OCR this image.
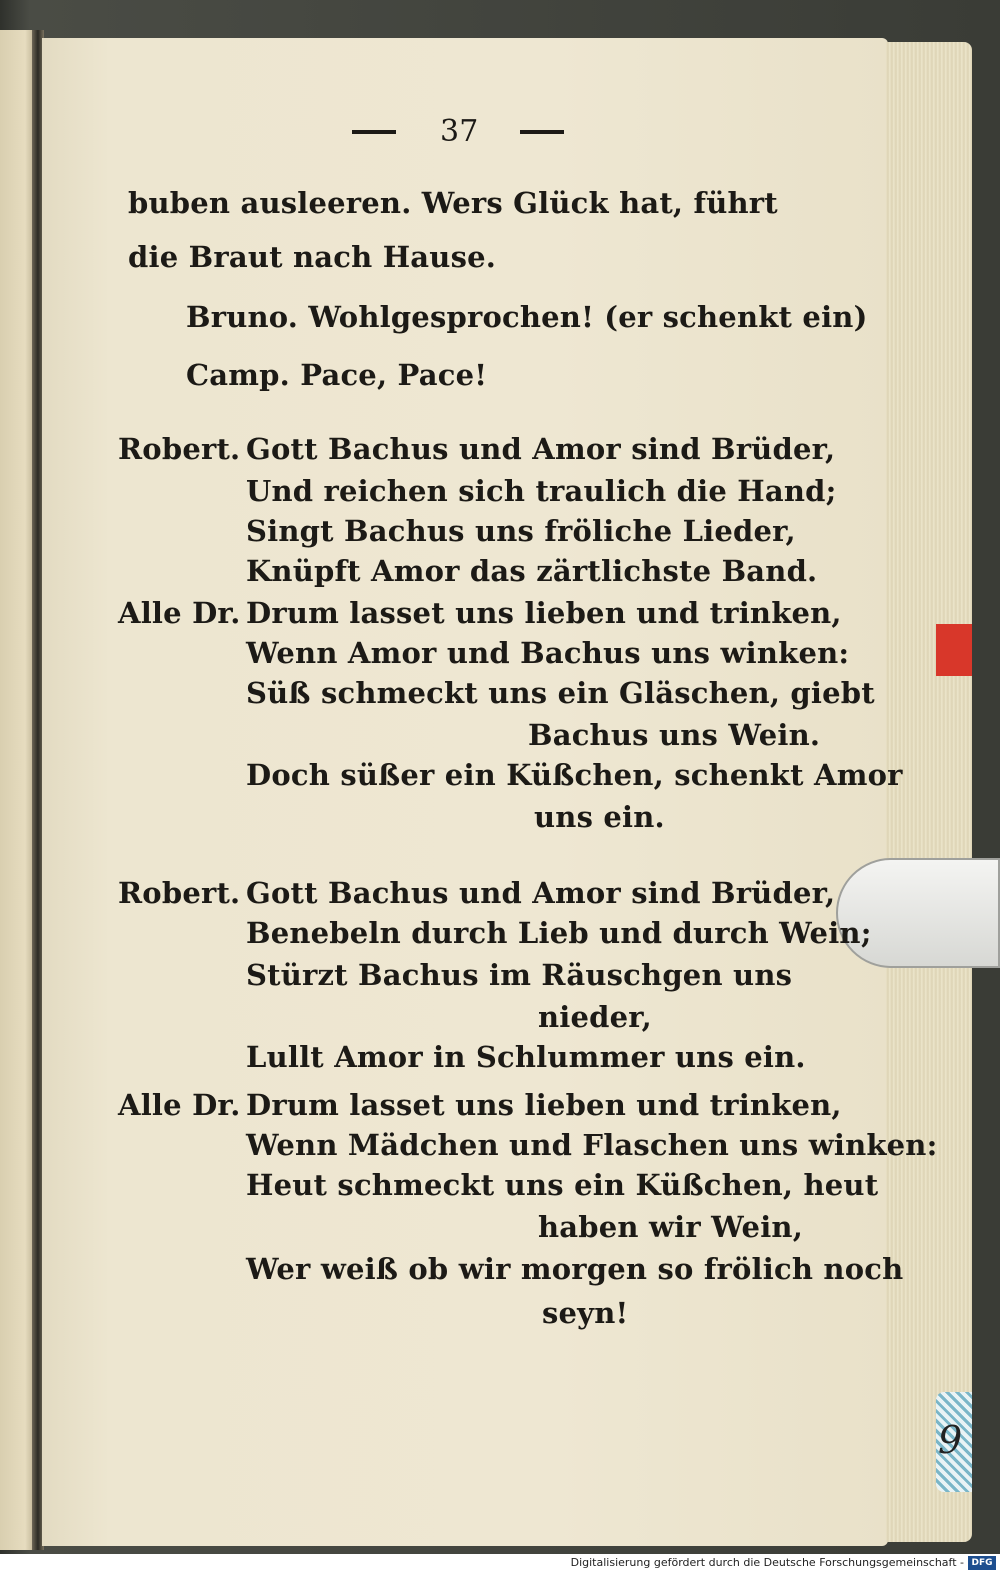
9
37
buben ausleeren. Wers Glück hat, führt
die Braut nach Hause.
Bruno. Wohlgesprochen! (er schenkt ein)
Camp. Pace, Pace!
Robert. Gott Bachus und Amor sind Brüder,
Und reichen sich traulich die Hand;
Singt Bachus uns fröliche Lieder,
Knüpft Amor das zärtlichste Band.
Alle Dr. Drum lasset uns lieben und trinken,
Wenn Amor und Bachus uns winken:
Süß schmeckt uns ein Gläschen, giebt
Bachus uns Wein.
Doch süßer ein Küßchen, schenkt Amor
uns ein.
Robert. Gott Bachus und Amor sind Brüder,
Benebeln durch Lieb und durch Wein;
Stürzt Bachus im Räuschgen uns
nieder,
Lullt Amor in Schlummer uns ein.
Alle Dr. Drum lasset uns lieben und trinken,
Wenn Mädchen und Flaschen uns winken:
Heut schmeckt uns ein Küßchen, heut
haben wir Wein,
Wer weiß ob wir morgen so frölich noch
seyn!
Digitalisierung gefördert durch die Deutsche Forschungsgemeinschaft - DFG
